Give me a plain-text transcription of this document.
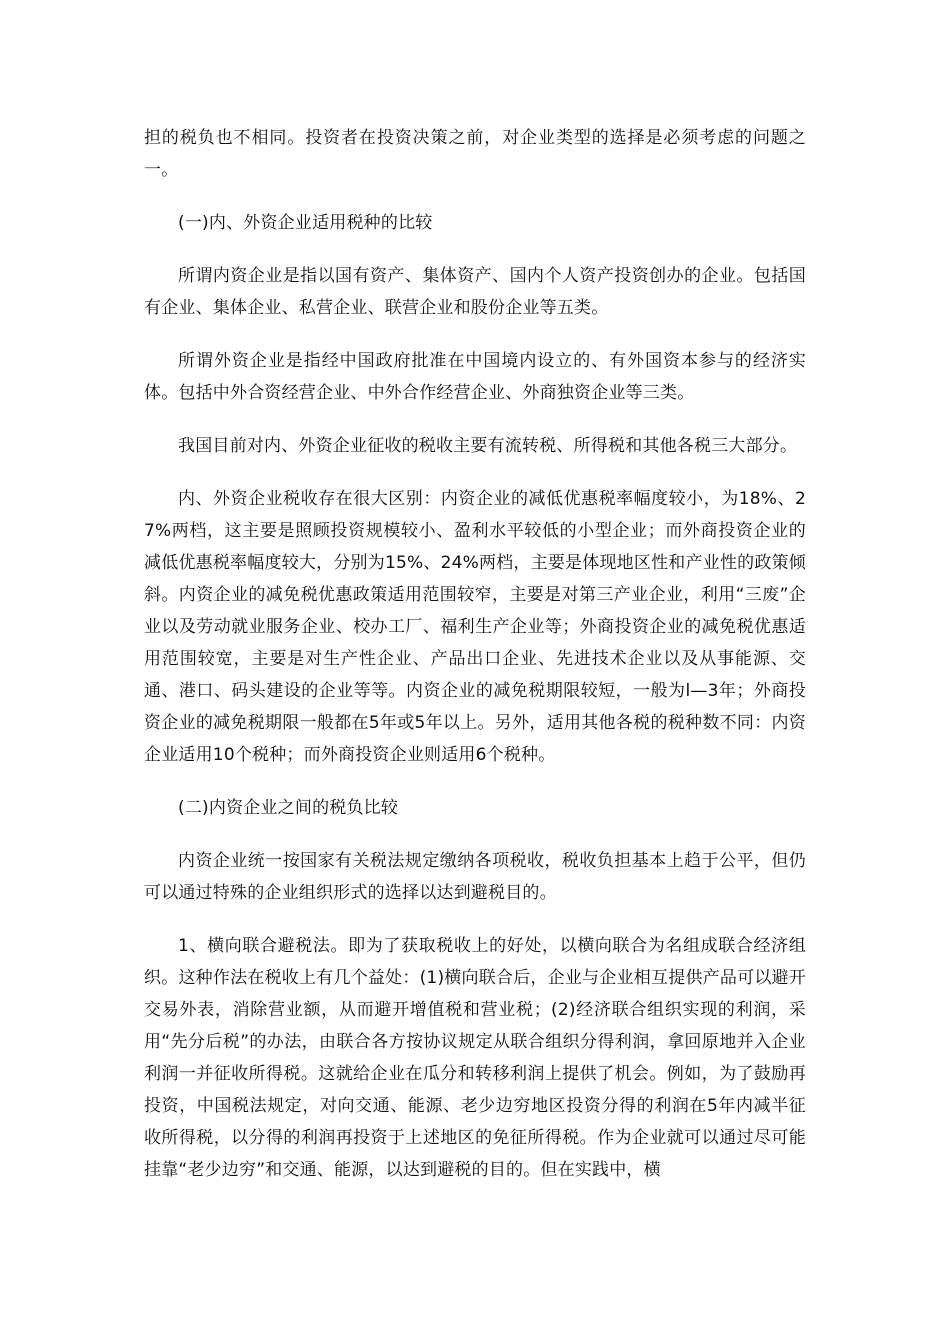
担的税负也不相同。投资者在投资决策之前，对企业类型的选择是必须考虑的问题之一。

(一)内、外资企业适用税种的比较

所谓内资企业是指以国有资产、集体资产、国内个人资产投资创办的企业。包括国有企业、集体企业、私营企业、联营企业和股份企业等五类。

所谓外资企业是指经中国政府批准在中国境内设立的、有外国资本参与的经济实体。包括中外合资经营企业、中外合作经营企业、外商独资企业等三类。

我国目前对内、外资企业征收的税收主要有流转税、所得税和其他各税三大部分。

内、外资企业税收存在很大区别：内资企业的减低优惠税率幅度较小，为18%、27%两档，这主要是照顾投资规模较小、盈利水平较低的小型企业；而外商投资企业的减低优惠税率幅度较大，分别为15%、24%两档，主要是体现地区性和产业性的政策倾斜。内资企业的减免税优惠政策适用范围较窄，主要是对第三产业企业，利用“三废”企业以及劳动就业服务企业、校办工厂、福利生产企业等；外商投资企业的减免税优惠适用范围较宽，主要是对生产性企业、产品出口企业、先进技术企业以及从事能源、交通、港口、码头建设的企业等等。内资企业的减免税期限较短，一般为l—3年；外商投资企业的减免税期限一般都在5年或5年以上。另外，适用其他各税的税种数不同：内资企业适用10个税种；而外商投资企业则适用6个税种。

(二)内资企业之间的税负比较

内资企业统一按国家有关税法规定缴纳各项税收，税收负担基本上趋于公平，但仍可以通过特殊的企业组织形式的选择以达到避税目的。

1、横向联合避税法。即为了获取税收上的好处，以横向联合为名组成联合经济组织。这种作法在税收上有几个益处：(1)横向联合后，企业与企业相互提供产品可以避开交易外表，消除营业额，从而避开增值税和营业税；(2)经济联合组织实现的利润，采用“先分后税”的办法，由联合各方按协议规定从联合组织分得利润，拿回原地并入企业利润一并征收所得税。这就给企业在瓜分和转移利润上提供了机会。例如，为了鼓励再投资，中国税法规定，对向交通、能源、老少边穷地区投资分得的利润在5年内减半征收所得税，以分得的利润再投资于上述地区的免征所得税。作为企业就可以通过尽可能挂靠“老少边穷”和交通、能源，以达到避税的目的。但在实践中，横
